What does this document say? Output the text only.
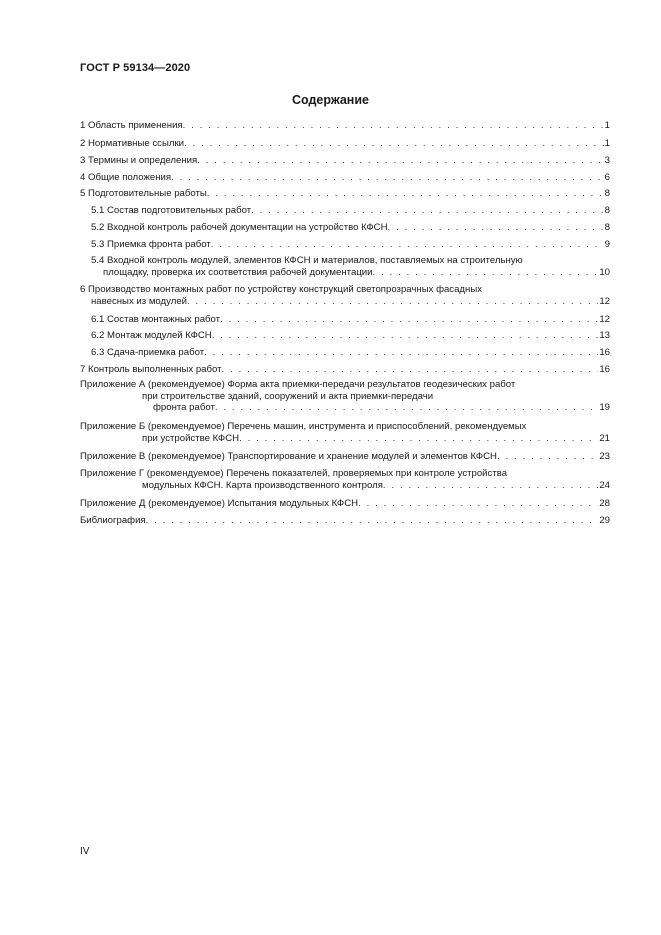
ГОСТ Р 59134—2020
Содержание
1 Область применения . . .	1
2 Нормативные ссылки . . .	1
3 Термины и определения . . .	3
4 Общие положения . . .	6
5 Подготовительные работы . . .	8
5.1 Состав подготовительных работ . . .	8
5.2 Входной контроль рабочей документации на устройство КФСН . . .	8
5.3 Приемка фронта работ . . .	9
5.4 Входной контроль модулей, элементов КФСН и материалов, поставляемых на строительную
площадку, проверка их соответствия рабочей документации . . .	10
6 Производство монтажных работ по устройству конструкций светопрозрачных фасадных
навесных из модулей . . .	12
6.1 Состав монтажных работ . . .	12
6.2 Монтаж модулей КФСН . . .	13
6.3 Сдача-приемка работ . . .	16
7 Контроль выполненных работ . . .	16
Приложение А (рекомендуемое) Форма акта приемки-передачи результатов геодезических работ
при строительстве зданий, сооружений и акта приемки-передачи
фронта работ . . .	19
Приложение Б (рекомендуемое) Перечень машин, инструмента и приспособлений, рекомендуемых
при устройстве КФСН . . .	21
Приложение В (рекомендуемое) Транспортирование и хранение модулей и элементов КФСН . . .	23
Приложение Г (рекомендуемое) Перечень показателей, проверяемых при контроле устройства
модульных КФСН. Карта производственного контроля . . .	24
Приложение Д (рекомендуемое) Испытания модульных КФСН . . .	28
Библиография . . .	29
IV
